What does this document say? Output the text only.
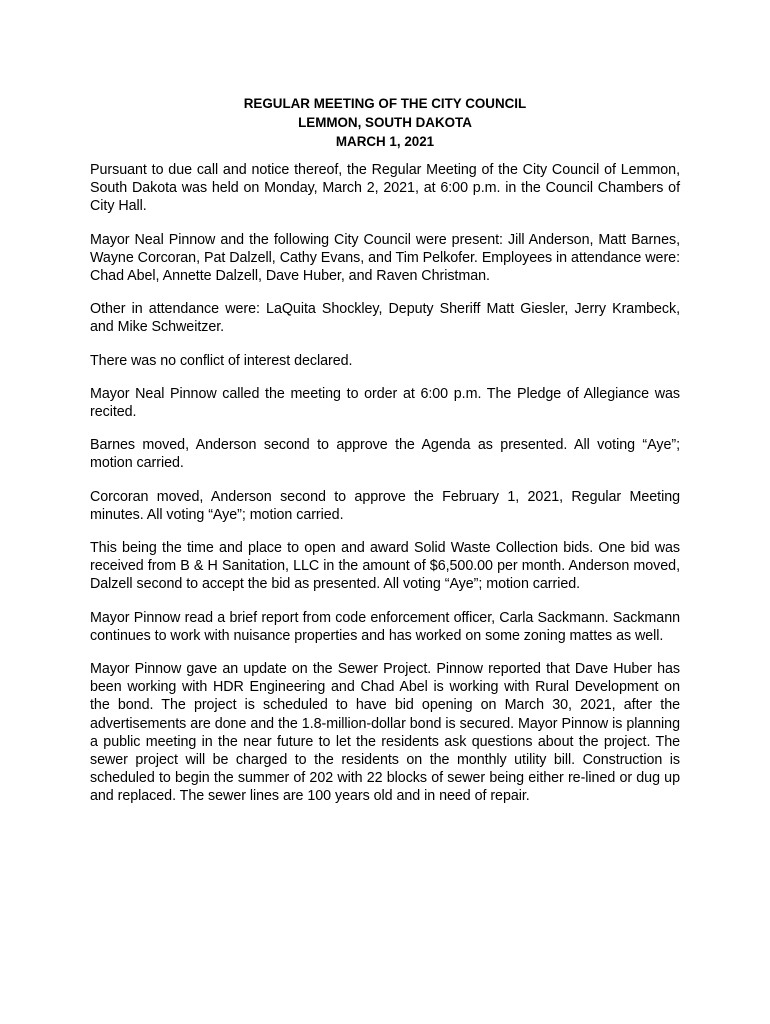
REGULAR MEETING OF THE CITY COUNCIL
LEMMON, SOUTH DAKOTA
MARCH 1, 2021

Pursuant to due call and notice thereof, the Regular Meeting of the City Council of Lemmon, South Dakota was held on Monday, March 2, 2021, at 6:00 p.m. in the Council Chambers of City Hall.

Mayor Neal Pinnow and the following City Council were present: Jill Anderson, Matt Barnes, Wayne Corcoran, Pat Dalzell, Cathy Evans, and Tim Pelkofer. Employees in attendance were: Chad Abel, Annette Dalzell, Dave Huber, and Raven Christman.

Other in attendance were: LaQuita Shockley, Deputy Sheriff Matt Giesler, Jerry Krambeck, and Mike Schweitzer.

There was no conflict of interest declared.

Mayor Neal Pinnow called the meeting to order at 6:00 p.m. The Pledge of Allegiance was recited.

Barnes moved, Anderson second to approve the Agenda as presented. All voting “Aye”; motion carried.

Corcoran moved, Anderson second to approve the February 1, 2021, Regular Meeting minutes. All voting “Aye”; motion carried.

This being the time and place to open and award Solid Waste Collection bids. One bid was received from B & H Sanitation, LLC in the amount of $6,500.00 per month. Anderson moved, Dalzell second to accept the bid as presented. All voting “Aye”; motion carried.

Mayor Pinnow read a brief report from code enforcement officer, Carla Sackmann. Sackmann continues to work with nuisance properties and has worked on some zoning mattes as well.

Mayor Pinnow gave an update on the Sewer Project. Pinnow reported that Dave Huber has been working with HDR Engineering and Chad Abel is working with Rural Development on the bond. The project is scheduled to have bid opening on March 30, 2021, after the advertisements are done and the 1.8-million-dollar bond is secured. Mayor Pinnow is planning a public meeting in the near future to let the residents ask questions about the project. The sewer project will be charged to the residents on the monthly utility bill. Construction is scheduled to begin the summer of 202 with 22 blocks of sewer being either re-lined or dug up and replaced. The sewer lines are 100 years old and in need of repair.
